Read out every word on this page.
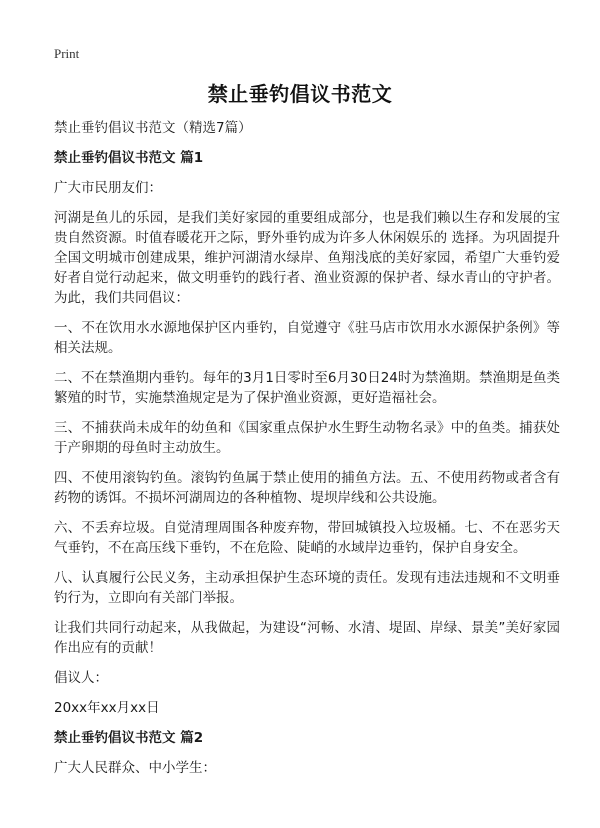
Print
禁止垂钓倡议书范文

禁止垂钓倡议书范文（精选7篇）

禁止垂钓倡议书范文 篇1

广大市民朋友们：

河湖是鱼儿的乐园，是我们美好家园的重要组成部分，也是我们赖以生存和发展的宝贵自然资源。时值春暖花开之际，野外垂钓成为许多人休闲娱乐的 选择。为巩固提升全国文明城市创建成果，维护河湖清水绿岸、鱼翔浅底的美好家园，希望广大垂钓爱好者自觉行动起来，做文明垂钓的践行者、渔业资源的保护者、绿水青山的守护者。为此，我们共同倡议：

一、不在饮用水水源地保护区内垂钓，自觉遵守《驻马店市饮用水水源保护条例》等相关法规。

二、不在禁渔期内垂钓。每年的3月1日零时至6月30日24时为禁渔期。禁渔期是鱼类繁殖的时节，实施禁渔规定是为了保护渔业资源，更好造福社会。

三、不捕获尚未成年的幼鱼和《国家重点保护水生野生动物名录》中的鱼类。捕获处于产卵期的母鱼时主动放生。

四、不使用滚钩钓鱼。滚钩钓鱼属于禁止使用的捕鱼方法。五、不使用药物或者含有药物的诱饵。不损坏河湖周边的各种植物、堤坝岸线和公共设施。

六、不丢弃垃圾。自觉清理周围各种废弃物，带回城镇投入垃圾桶。七、不在恶劣天气垂钓，不在高压线下垂钓，不在危险、陡峭的水域岸边垂钓，保护自身安全。

八、认真履行公民义务，主动承担保护生态环境的责任。发现有违法违规和不文明垂钓行为，立即向有关部门举报。

让我们共同行动起来，从我做起，为建设“河畅、水清、堤固、岸绿、景美”美好家园作出应有的贡献！

倡议人：

20xx年xx月xx日

禁止垂钓倡议书范文 篇2

广大人民群众、中小学生：
